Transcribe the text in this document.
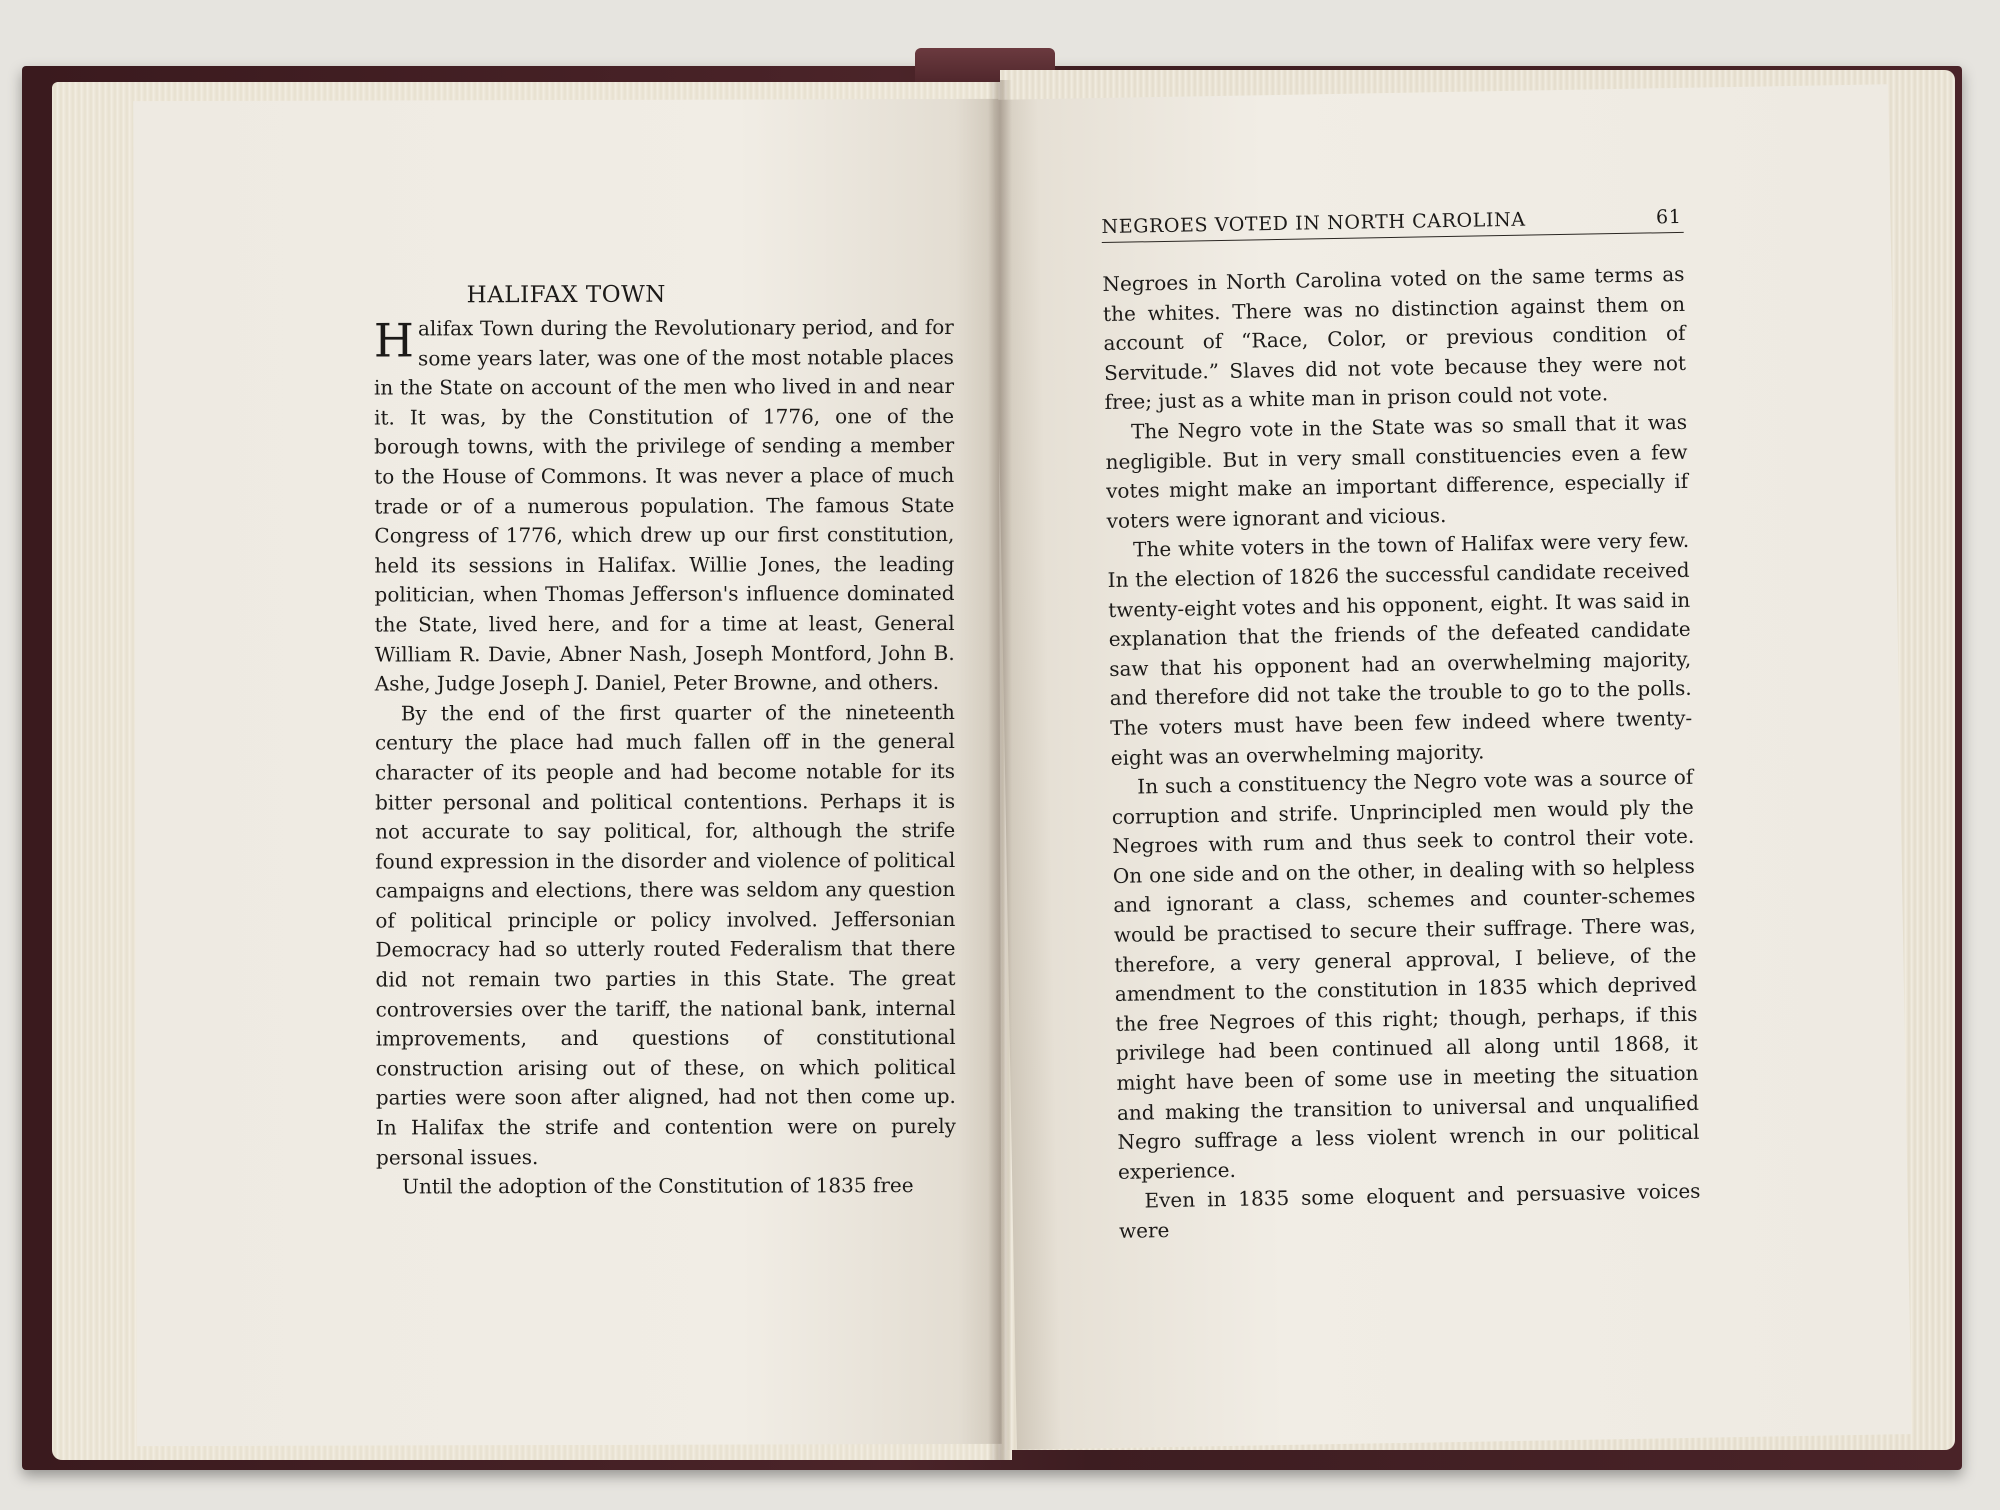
HALIFAX TOWN

Halifax Town during the Revolutionary period, and for some years later, was one of the most notable places in the State on account of the men who lived in and near it. It was, by the Constitution of 1776, one of the borough towns, with the privilege of sending a member to the House of Commons. It was never a place of much trade or of a numerous population. The famous State Congress of 1776, which drew up our first constitution, held its sessions in Halifax. Willie Jones, the leading politician, when Thomas Jefferson's influence dominated the State, lived here, and for a time at least, General William R. Davie, Abner Nash, Joseph Montford, John B. Ashe, Judge Joseph J. Daniel, Peter Browne, and others.

By the end of the first quarter of the nineteenth century the place had much fallen off in the general character of its people and had become notable for its bitter personal and political contentions. Perhaps it is not accurate to say political, for, although the strife found expression in the disorder and violence of political campaigns and elections, there was seldom any question of political principle or policy involved. Jeffersonian Democracy had so utterly routed Federalism that there did not remain two parties in this State. The great controversies over the tariff, the national bank, internal improvements, and questions of constitutional construction arising out of these, on which political parties were soon after aligned, had not then come up. In Halifax the strife and contention were on purely personal issues.

Until the adoption of the Constitution of 1835 free

NEGROES VOTED IN NORTH CAROLINA	61

Negroes in North Carolina voted on the same terms as the whites. There was no distinction against them on account of “Race, Color, or previous condition of Servitude.” Slaves did not vote because they were not free; just as a white man in prison could not vote.

The Negro vote in the State was so small that it was negligible. But in very small constituencies even a few votes might make an important difference, especially if voters were ignorant and vicious.

The white voters in the town of Halifax were very few. In the election of 1826 the successful candidate received twenty-eight votes and his opponent, eight. It was said in explanation that the friends of the defeated candidate saw that his opponent had an overwhelming majority, and therefore did not take the trouble to go to the polls. The voters must have been few indeed where twenty-eight was an overwhelming majority.

In such a constituency the Negro vote was a source of corruption and strife. Unprincipled men would ply the Negroes with rum and thus seek to control their vote. On one side and on the other, in dealing with so helpless and ignorant a class, schemes and counter-schemes would be practised to secure their suffrage. There was, therefore, a very general approval, I believe, of the amendment to the constitution in 1835 which deprived the free Negroes of this right; though, perhaps, if this privilege had been continued all along until 1868, it might have been of some use in meeting the situation and making the transition to universal and unqualified Negro suffrage a less violent wrench in our political experience.

Even in 1835 some eloquent and persuasive voices were
